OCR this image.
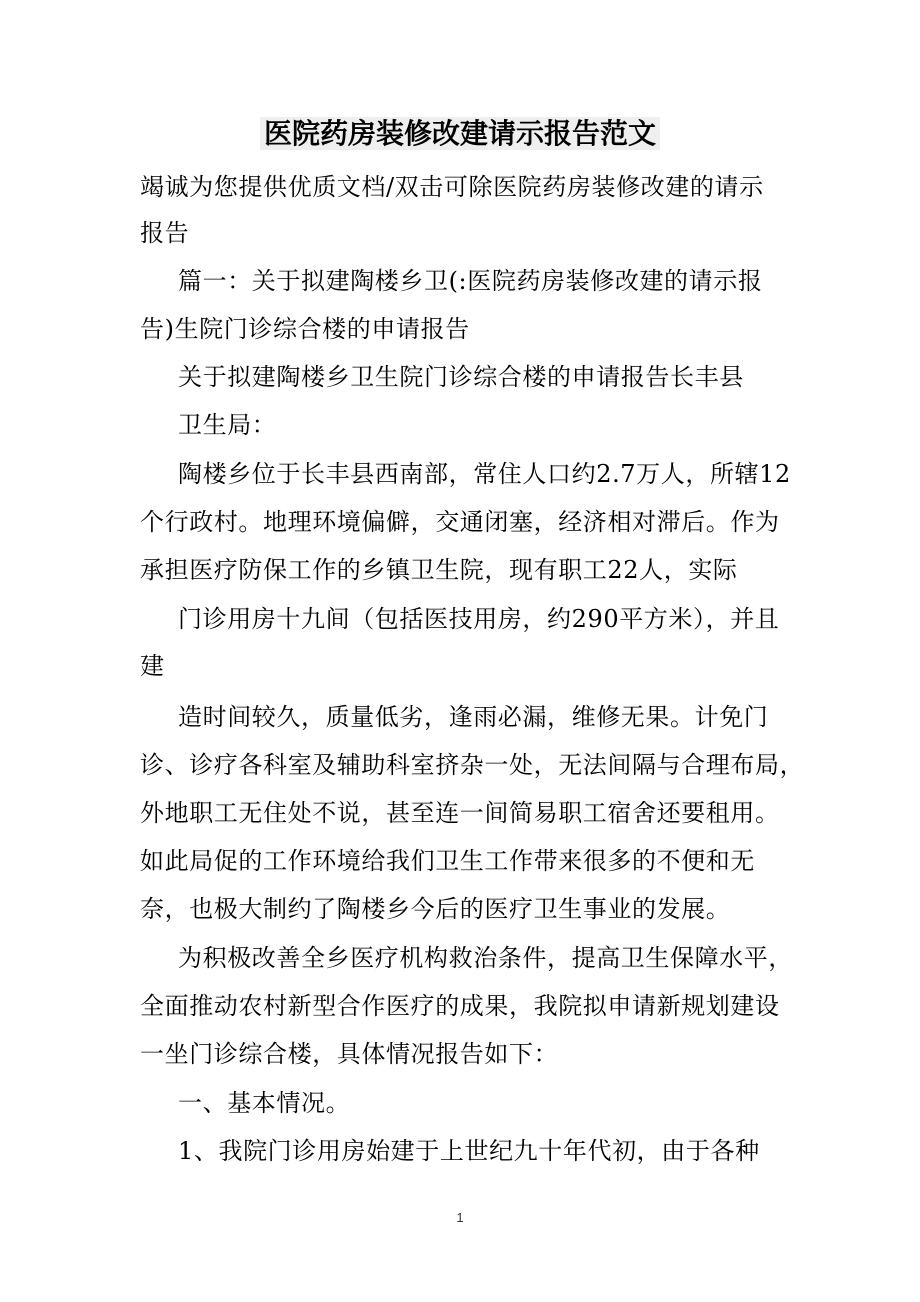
医院药房装修改建请示报告范文
竭诚为您提供优质文档/双击可除医院药房装修改建的请示
报告
篇一：关于拟建陶楼乡卫(:医院药房装修改建的请示报
告)生院门诊综合楼的申请报告
关于拟建陶楼乡卫生院门诊综合楼的申请报告长丰县
卫生局：
陶楼乡位于长丰县西南部，常住人口约2.7万人，所辖12
个行政村。地理环境偏僻，交通闭塞，经济相对滞后。作为
承担医疗防保工作的乡镇卫生院，现有职工22人，实际
门诊用房十九间（包括医技用房，约290平方米），并且
建
造时间较久，质量低劣，逢雨必漏，维修无果。计免门
诊、诊疗各科室及辅助科室挤杂一处，无法间隔与合理布局，
外地职工无住处不说，甚至连一间简易职工宿舍还要租用。
如此局促的工作环境给我们卫生工作带来很多的不便和无
奈，也极大制约了陶楼乡今后的医疗卫生事业的发展。
为积极改善全乡医疗机构救治条件，提高卫生保障水平，
全面推动农村新型合作医疗的成果，我院拟申请新规划建设
一坐门诊综合楼，具体情况报告如下：
一、基本情况。
1、我院门诊用房始建于上世纪九十年代初，由于各种
1
